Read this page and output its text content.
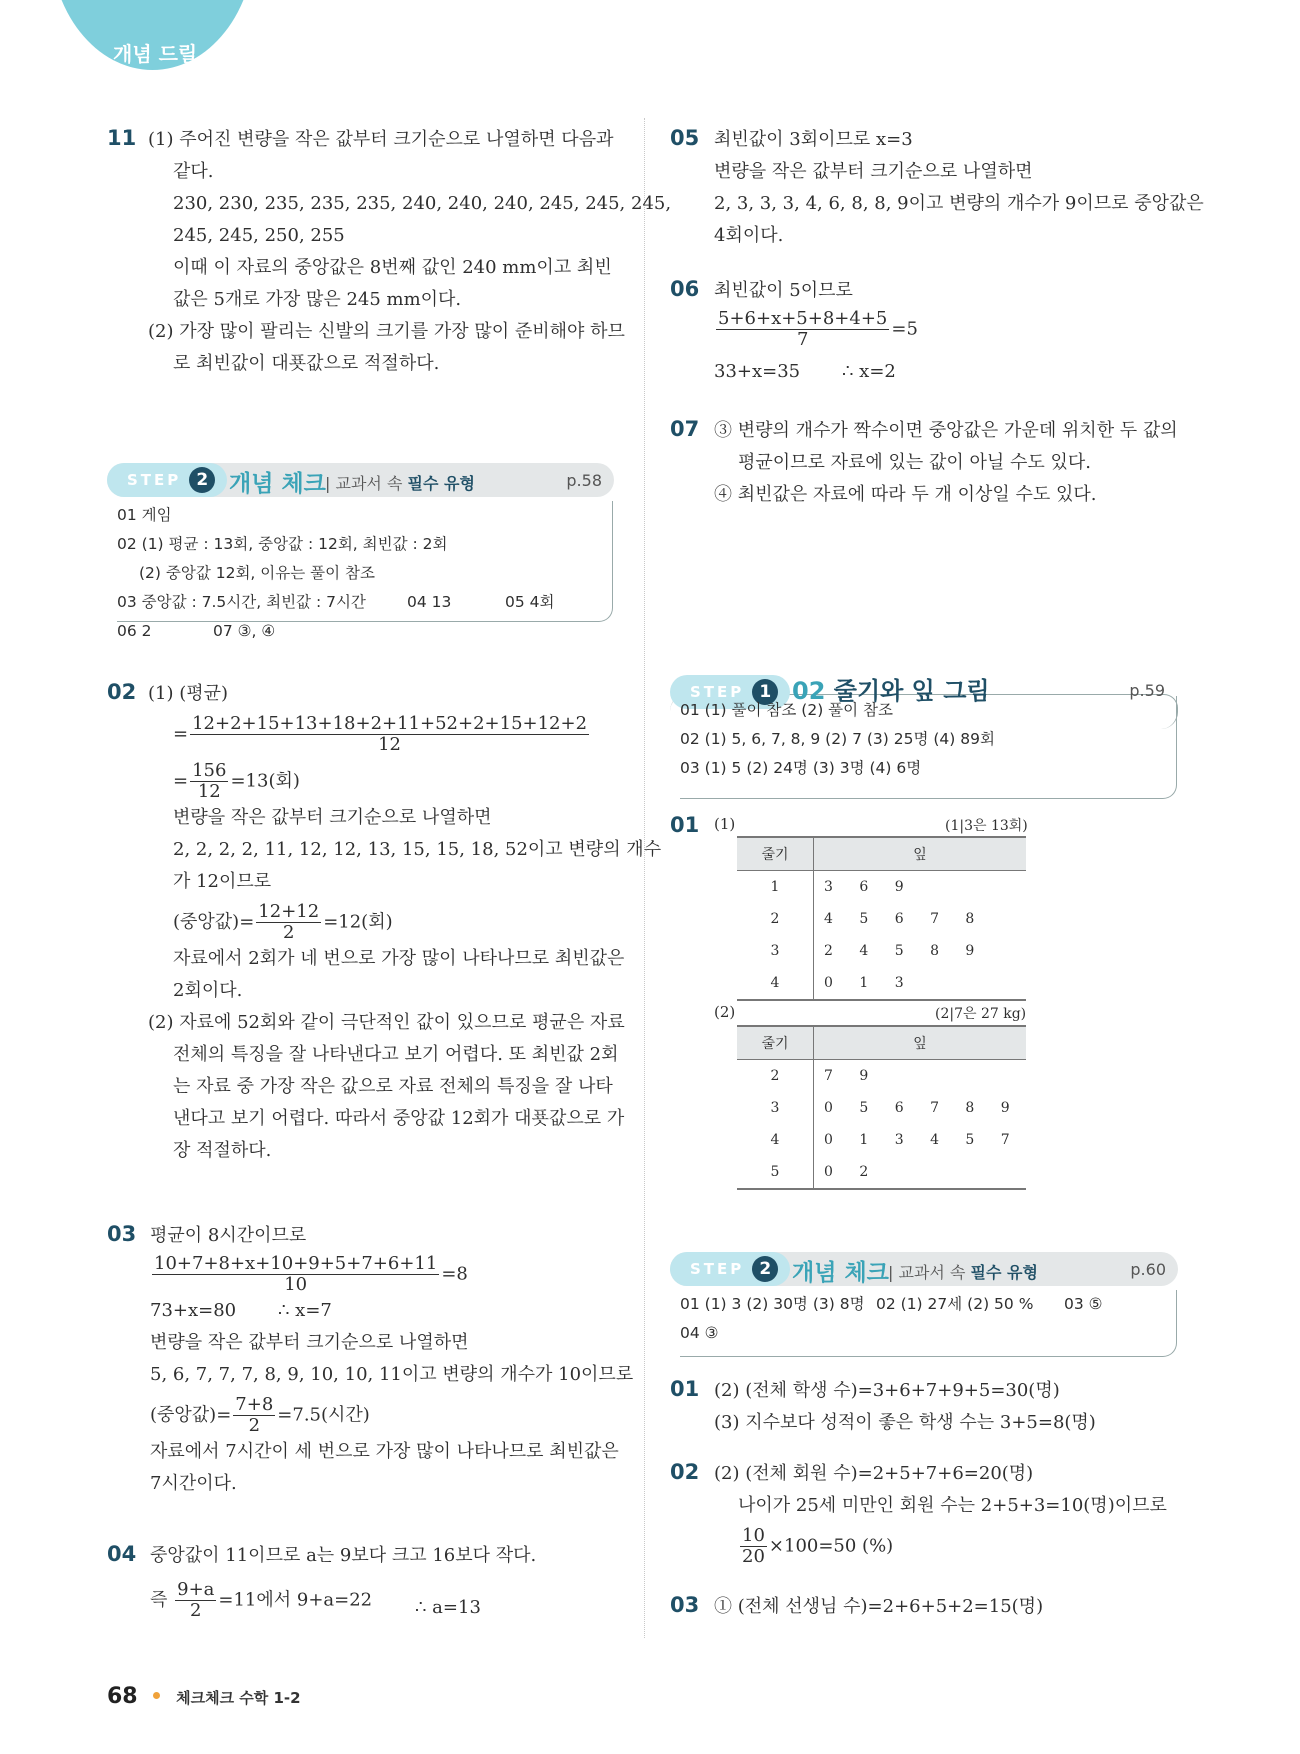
개념 드릴
11 (1) 주어진 변량을 작은 값부터 크기순으로 나열하면 다음과
같다.
230, 230, 235, 235, 235, 240, 240, 240, 245, 245, 245,
245, 245, 250, 255
이때 이 자료의 중앙값은 8번째 값인 240 mm이고 최빈
값은 5개로 가장 많은 245 mm이다.
(2) 가장 많이 팔리는 신발의 크기를 가장 많이 준비해야 하므
로 최빈값이 대푯값으로 적절하다.
STEP 2 개념 체크 | 교과서 속 필수 유형	p.58
01 게임
02 (1) 평균 : 13회, 중앙값 : 12회, 최빈값 : 2회
(2) 중앙값 12회, 이유는 풀이 참조
03 중앙값 : 7.5시간, 최빈값 : 7시간	04 13	05 4회
06 2	07 ③, ④
02 (1) (평균)
= $\frac{12+2+15+13+18+2+11+52+2+15+12+2}{12}$
= $\frac{156}{12} =13$(회)
변량을 작은 값부터 크기순으로 나열하면
2, 2, 2, 2, 11, 12, 12, 13, 15, 15, 18, 52이고 변량의 개수
가 12이므로
(중앙값)= $\frac{12+12}{2} =12$(회)
자료에서 2회가 네 번으로 가장 많이 나타나므로 최빈값은
2회이다.
(2) 자료에 52회와 같이 극단적인 값이 있으므로 평균은 자료
전체의 특징을 잘 나타낸다고 보기 어렵다. 또 최빈값 2회
는 자료 중 가장 작은 값으로 자료 전체의 특징을 잘 나타
낸다고 보기 어렵다. 따라서 중앙값 12회가 대푯값으로 가
장 적절하다.
03 평균이 8시간이므로
$\frac{10+7+8+x+10+9+5+7+6+11}{10} =8$
73+x=80 ∴ x=7
변량을 작은 값부터 크기순으로 나열하면
5, 6, 7, 7, 7, 8, 9, 10, 10, 11이고 변량의 개수가 10이므로
(중앙값)= $\frac{7+8}{2} =7.5$(시간)
자료에서 7시간이 세 번으로 가장 많이 나타나므로 최빈값은
7시간이다.
04 중앙값이 11이므로 a는 9보다 크고 16보다 작다.
즉 $\frac{9+a}{2} =11$에서 9+a=22 ∴ a=13
05 최빈값이 3회이므로 x=3
변량을 작은 값부터 크기순으로 나열하면
2, 3, 3, 3, 4, 6, 8, 8, 9이고 변량의 개수가 9이므로 중앙값은
4회이다.
06 최빈값이 5이므로
$\frac{5+6+x+5+8+4+5}{7} =5$
33+x=35 ∴ x=2
07 ③ 변량의 개수가 짝수이면 중앙값은 가운데 위치한 두 값의
평균이므로 자료에 있는 값이 아닐 수도 있다.
④ 최빈값은 자료에 따라 두 개 이상일 수도 있다.
STEP 1 02 줄기와 잎 그림	p.59
01 (1) 풀이 참조 (2) 풀이 참조
02 (1) 5, 6, 7, 8, 9 (2) 7 (3) 25명 (4) 89회
03 (1) 5 (2) 24명 (3) 3명 (4) 6명
01 (1)	(1|3은 13회)
줄기	잎
1	3 6 9
2	4 5 6 7 8
3	2 4 5 8 9
4	0 1 3
(2)	(2|7은 27 kg)
줄기	잎
2	7 9
3	0 5 6 7 8 9
4	0 1 3 4 5 7
5	0 2
STEP 2 개념 체크 | 교과서 속 필수 유형	p.60
01 (1) 3 (2) 30명 (3) 8명 02 (1) 27세 (2) 50 % 03 ⑤
04 ③
01 (2) (전체 학생 수)=3+6+7+9+5=30(명)
(3) 지수보다 성적이 좋은 학생 수는 3+5=8(명)
02 (2) (전체 회원 수)=2+5+7+6=20(명)
나이가 25세 미만인 회원 수는 2+5+3=10(명)이므로
$\frac{10}{20} \times 100=50$ (%)
03 ① (전체 선생님 수)=2+6+5+2=15(명)
68	체크체크 수학 1-2
